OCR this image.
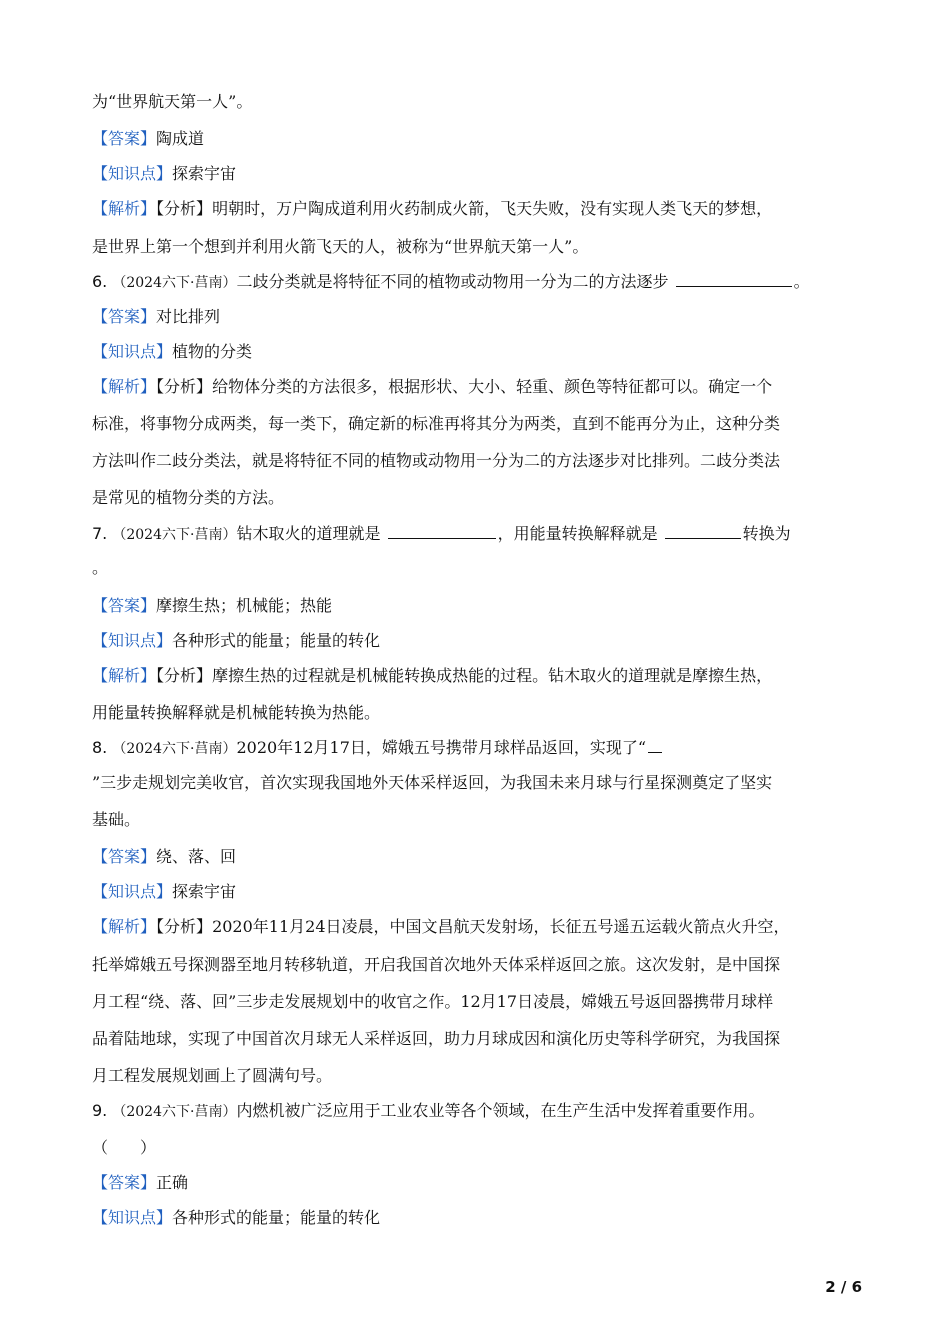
为“世界航天第一人”。
【答案】陶成道
【知识点】探索宇宙
【解析】【分析】明朝时，万户陶成道利用火药制成火箭，飞天失败，没有实现人类飞天的梦想，
是世界上第一个想到并利用火箭飞天的人，被称为“世界航天第一人”。
6. （2024六下·莒南）二歧分类就是将特征不同的植物或动物用一分为二的方法逐步	。
【答案】对比排列
【知识点】植物的分类
【解析】【分析】给物体分类的方法很多，根据形状、大小、轻重、颜色等特征都可以。确定一个
标准，将事物分成两类，每一类下，确定新的标准再将其分为两类，直到不能再分为止，这种分类
方法叫作二歧分类法，就是将特征不同的植物或动物用一分为二的方法逐步对比排列。二歧分类法
是常见的植物分类的方法。
7. （2024六下·莒南）钻木取火的道理就是	，用能量转换解释就是	转换为
。
【答案】摩擦生热；机械能；热能
【知识点】各种形式的能量；能量的转化
【解析】【分析】摩擦生热的过程就是机械能转换成热能的过程。钻木取火的道理就是摩擦生热，
用能量转换解释就是机械能转换为热能。
8. （2024六下·莒南）2020年12月17日，嫦娥五号携带月球样品返回，实现了“
”三步走规划完美收官，首次实现我国地外天体采样返回，为我国未来月球与行星探测奠定了坚实
基础。
【答案】绕、落、回
【知识点】探索宇宙
【解析】【分析】2020年11月24日凌晨，中国文昌航天发射场，长征五号遥五运载火箭点火升空，
托举嫦娥五号探测器至地月转移轨道，开启我国首次地外天体采样返回之旅。这次发射，是中国探
月工程“绕、落、回”三步走发展规划中的收官之作。12月17日凌晨，嫦娥五号返回器携带月球样
品着陆地球，实现了中国首次月球无人采样返回，助力月球成因和演化历史等科学研究，为我国探
月工程发展规划画上了圆满句号。
9. （2024六下·莒南）内燃机被广泛应用于工业农业等各个领域，在生产生活中发挥着重要作用。
（　　）
【答案】正确
【知识点】各种形式的能量；能量的转化
2 / 6
